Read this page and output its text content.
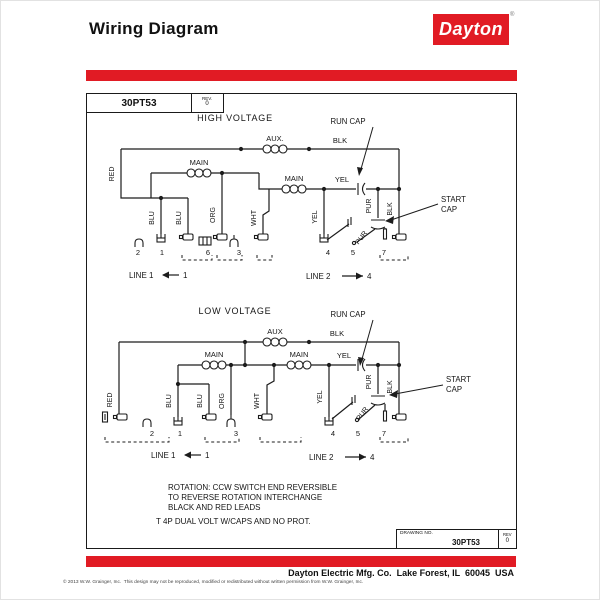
Wiring Diagram	Dayton
®
30PT53	REV.
0
HIGH VOLTAGE	RUN CAP
START
CAP
AUX.	BLK
MAIN
MAIN	YEL
RED
BLU	BLU	ORG	WHT	YEL
PUR BLK
PUR
2	1	6	3	4	5	7
LINE 1	1	LINE 2	4
LOW VOLTAGE	RUN CAP
START
CAP
AUX	BLK
MAIN	MAIN	YEL
RED	BLU	BLU ORG	WHT	YEL
PUR BLK
PUR
2	1	3	4	5	7
LINE 1	1	LINE 2	4
ROTATION: CCW SWITCH END REVERSIBLE
TO REVERSE ROTATION INTERCHANGE
BLACK AND RED LEADS
T 4P DUAL VOLT W/CAPS AND NO PROT.
DRAWING NO.
30PT53
REV
0
Dayton Electric Mfg. Co.  Lake Forest, IL  60045  USA
© 2013 W.W. Grainger, Inc.  This design may not be reproduced, modified or redistributed without written permission from W.W. Grainger, Inc.
